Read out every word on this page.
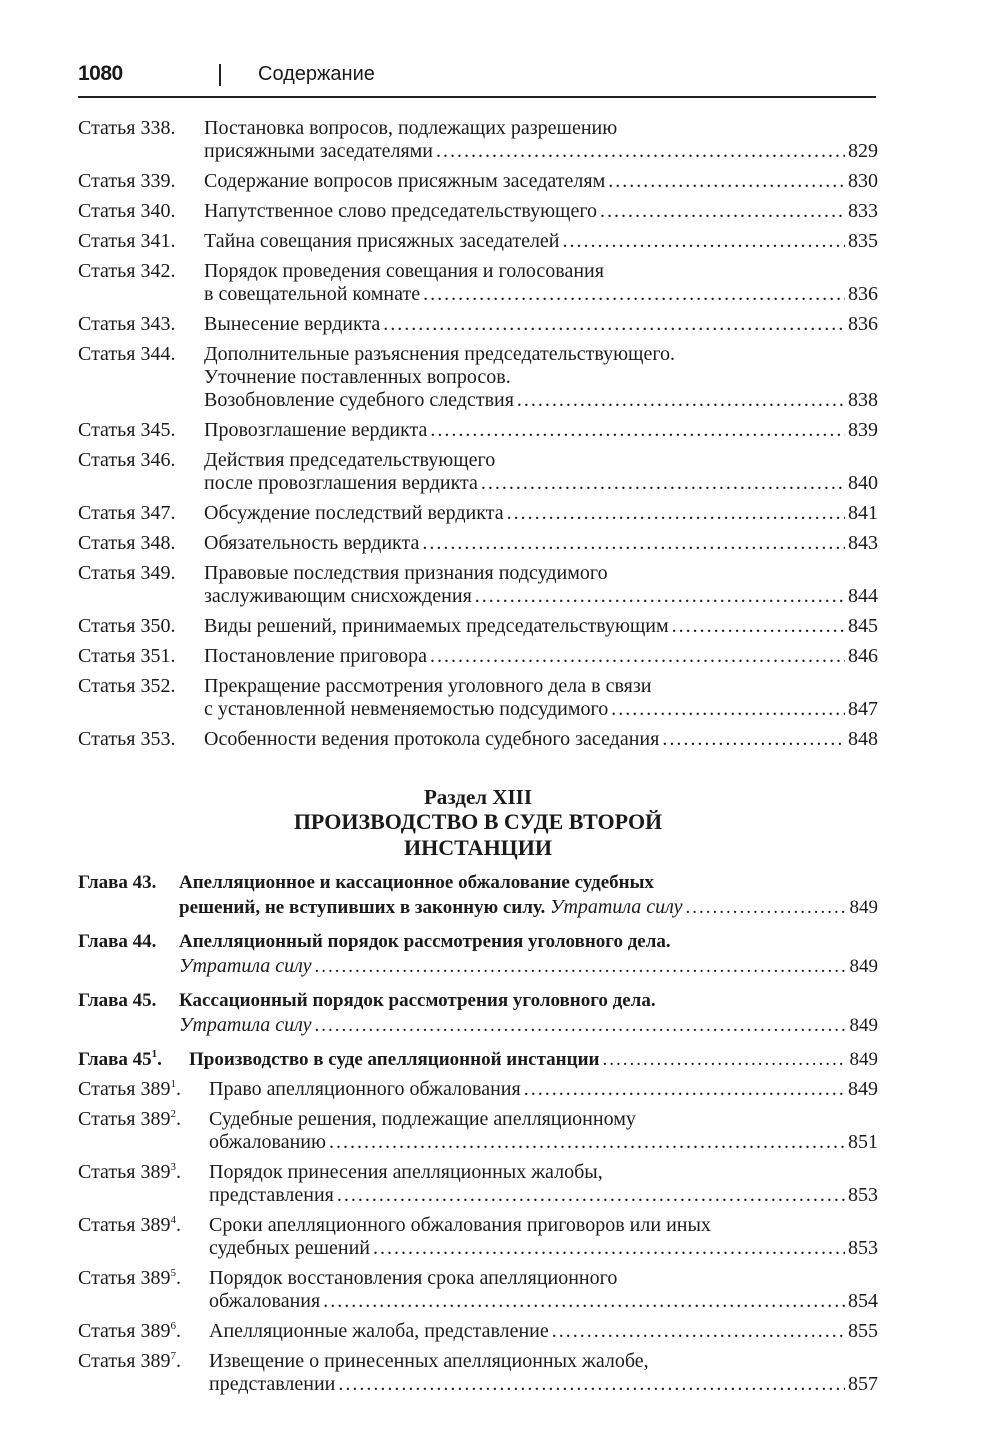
1080	Содержание
Статья 338. Постановка вопросов, подлежащих разрешению
присяжными заседателями .....	829
Статья 339. Содержание вопросов присяжным заседателям .....	830
Статья 340. Напутственное слово председательствующего .....	833
Статья 341. Тайна совещания присяжных заседателей .....	835
Статья 342. Порядок проведения совещания и голосования
в совещательной комнате .....	836
Статья 343. Вынесение вердикта .....	836
Статья 344. Дополнительные разъяснения председательствующего.
Уточнение поставленных вопросов.
Возобновление судебного следствия .....	838
Статья 345. Провозглашение вердикта .....	839
Статья 346. Действия председательствующего
после провозглашения вердикта .....	840
Статья 347. Обсуждение последствий вердикта .....	841
Статья 348. Обязательность вердикта .....	843
Статья 349. Правовые последствия признания подсудимого
заслуживающим снисхождения .....	844
Статья 350. Виды решений, принимаемых председательствующим .....	845
Статья 351. Постановление приговора .....	846
Статья 352. Прекращение рассмотрения уголовного дела в связи
с установленной невменяемостью подсудимого .....	847
Статья 353. Особенности ведения протокола судебного заседания .....	848
Раздел XIII
ПРОИЗВОДСТВО В СУДЕ ВТОРОЙ
ИНСТАНЦИИ
Глава 43. Апелляционное и кассационное обжалование судебных
решений, не вступивших в законную силу.
Утратила силу .....	849
Глава 44. Апелляционный порядок рассмотрения уголовного дела.
Утратила силу .....	849
Глава 45. Кассационный порядок рассмотрения уголовного дела.
Утратила силу .....	849
Глава $45^1$. Производство в суде апелляционной инстанции .....	849
Статья $389^1$. Право апелляционного обжалования .....	849
Статья $389^2$. Судебные решения, подлежащие апелляционному
обжалованию .....	851
Статья $389^3$. Порядок принесения апелляционных жалобы,
представления .....	853
Статья $389^4$. Сроки апелляционного обжалования приговоров или иных
судебных решений .....	853
Статья $389^5$. Порядок восстановления срока апелляционного
обжалования .....	854
Статья $389^6$. Апелляционные жалоба, представление .....	855
Статья $389^7$. Извещение о принесенных апелляционных жалобе,
представлении .....	857
